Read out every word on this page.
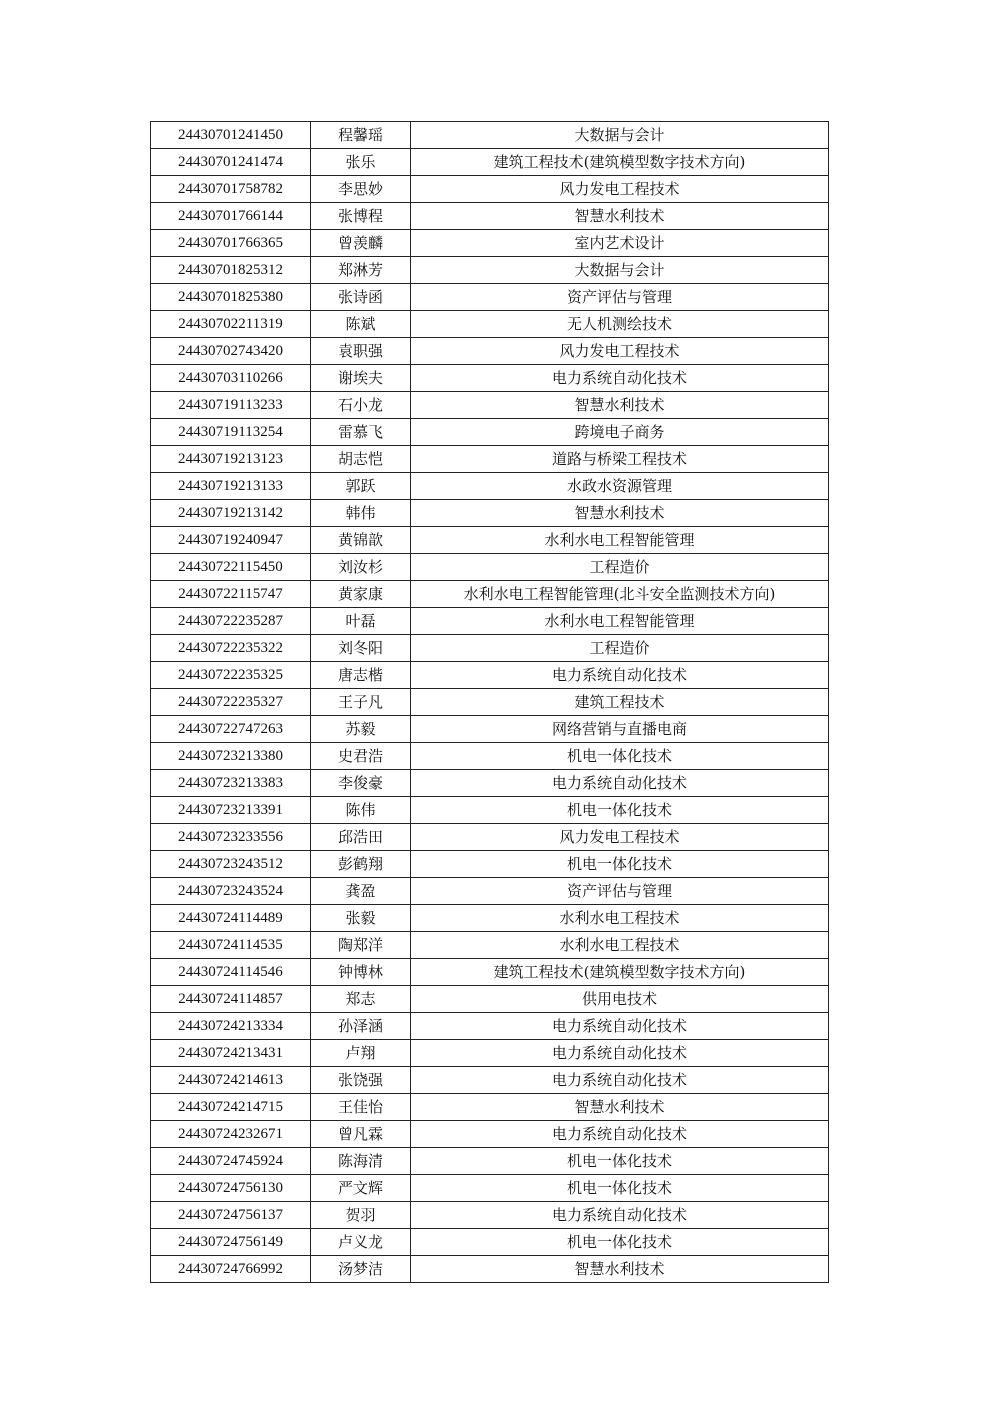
24430701241450	程馨瑶	大数据与会计
24430701241474	张乐	建筑工程技术(建筑模型数字技术方向)
24430701758782	李思妙	风力发电工程技术
24430701766144	张博程	智慧水利技术
24430701766365	曾羡麟	室内艺术设计
24430701825312	郑淋芳	大数据与会计
24430701825380	张诗函	资产评估与管理
24430702211319	陈斌	无人机测绘技术
24430702743420	袁职强	风力发电工程技术
24430703110266	谢埃夫	电力系统自动化技术
24430719113233	石小龙	智慧水利技术
24430719113254	雷慕飞	跨境电子商务
24430719213123	胡志恺	道路与桥梁工程技术
24430719213133	郭跃	水政水资源管理
24430719213142	韩伟	智慧水利技术
24430719240947	黄锦歆	水利水电工程智能管理
24430722115450	刘汝杉	工程造价
24430722115747	黄家康	水利水电工程智能管理(北斗安全监测技术方向)
24430722235287	叶磊	水利水电工程智能管理
24430722235322	刘冬阳	工程造价
24430722235325	唐志楷	电力系统自动化技术
24430722235327	王子凡	建筑工程技术
24430722747263	苏毅	网络营销与直播电商
24430723213380	史君浩	机电一体化技术
24430723213383	李俊豪	电力系统自动化技术
24430723213391	陈伟	机电一体化技术
24430723233556	邱浩田	风力发电工程技术
24430723243512	彭鹤翔	机电一体化技术
24430723243524	龚盈	资产评估与管理
24430724114489	张毅	水利水电工程技术
24430724114535	陶郑洋	水利水电工程技术
24430724114546	钟博林	建筑工程技术(建筑模型数字技术方向)
24430724114857	郑志	供用电技术
24430724213334	孙泽涵	电力系统自动化技术
24430724213431	卢翔	电力系统自动化技术
24430724214613	张饶强	电力系统自动化技术
24430724214715	王佳怡	智慧水利技术
24430724232671	曾凡霖	电力系统自动化技术
24430724745924	陈海清	机电一体化技术
24430724756130	严文辉	机电一体化技术
24430724756137	贺羽	电力系统自动化技术
24430724756149	卢义龙	机电一体化技术
24430724766992	汤梦洁	智慧水利技术
